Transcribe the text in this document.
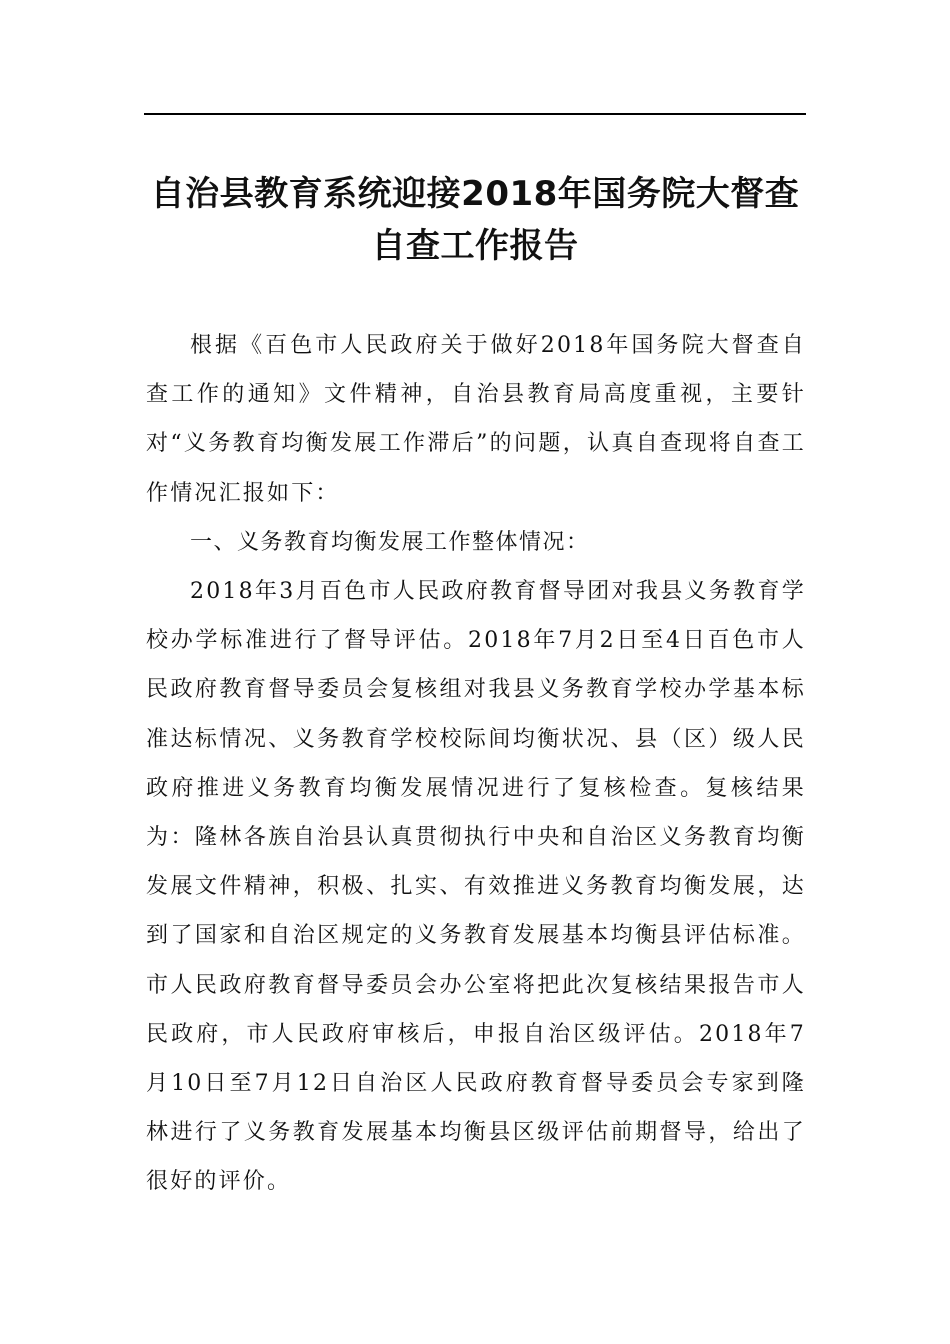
自治县教育系统迎接2018年国务院大督查
自查工作报告

根据《百色市人民政府关于做好2018年国务院大督查自查工作的通知》文件精神，自治县教育局高度重视，主要针对“义务教育均衡发展工作滞后”的问题，认真自查现将自查工作情况汇报如下：

一、义务教育均衡发展工作整体情况：

2018年3月百色市人民政府教育督导团对我县义务教育学校办学标准进行了督导评估。2018年7月2日至4日百色市人民政府教育督导委员会复核组对我县义务教育学校办学基本标准达标情况、义务教育学校校际间均衡状况、县（区）级人民政府推进义务教育均衡发展情况进行了复核检查。复核结果为：隆林各族自治县认真贯彻执行中央和自治区义务教育均衡发展文件精神，积极、扎实、有效推进义务教育均衡发展，达到了国家和自治区规定的义务教育发展基本均衡县评估标准。市人民政府教育督导委员会办公室将把此次复核结果报告市人民政府，市人民政府审核后，申报自治区级评估。2018年7月10日至7月12日自治区人民政府教育督导委员会专家到隆林进行了义务教育发展基本均衡县区级评估前期督导，给出了很好的评价。
